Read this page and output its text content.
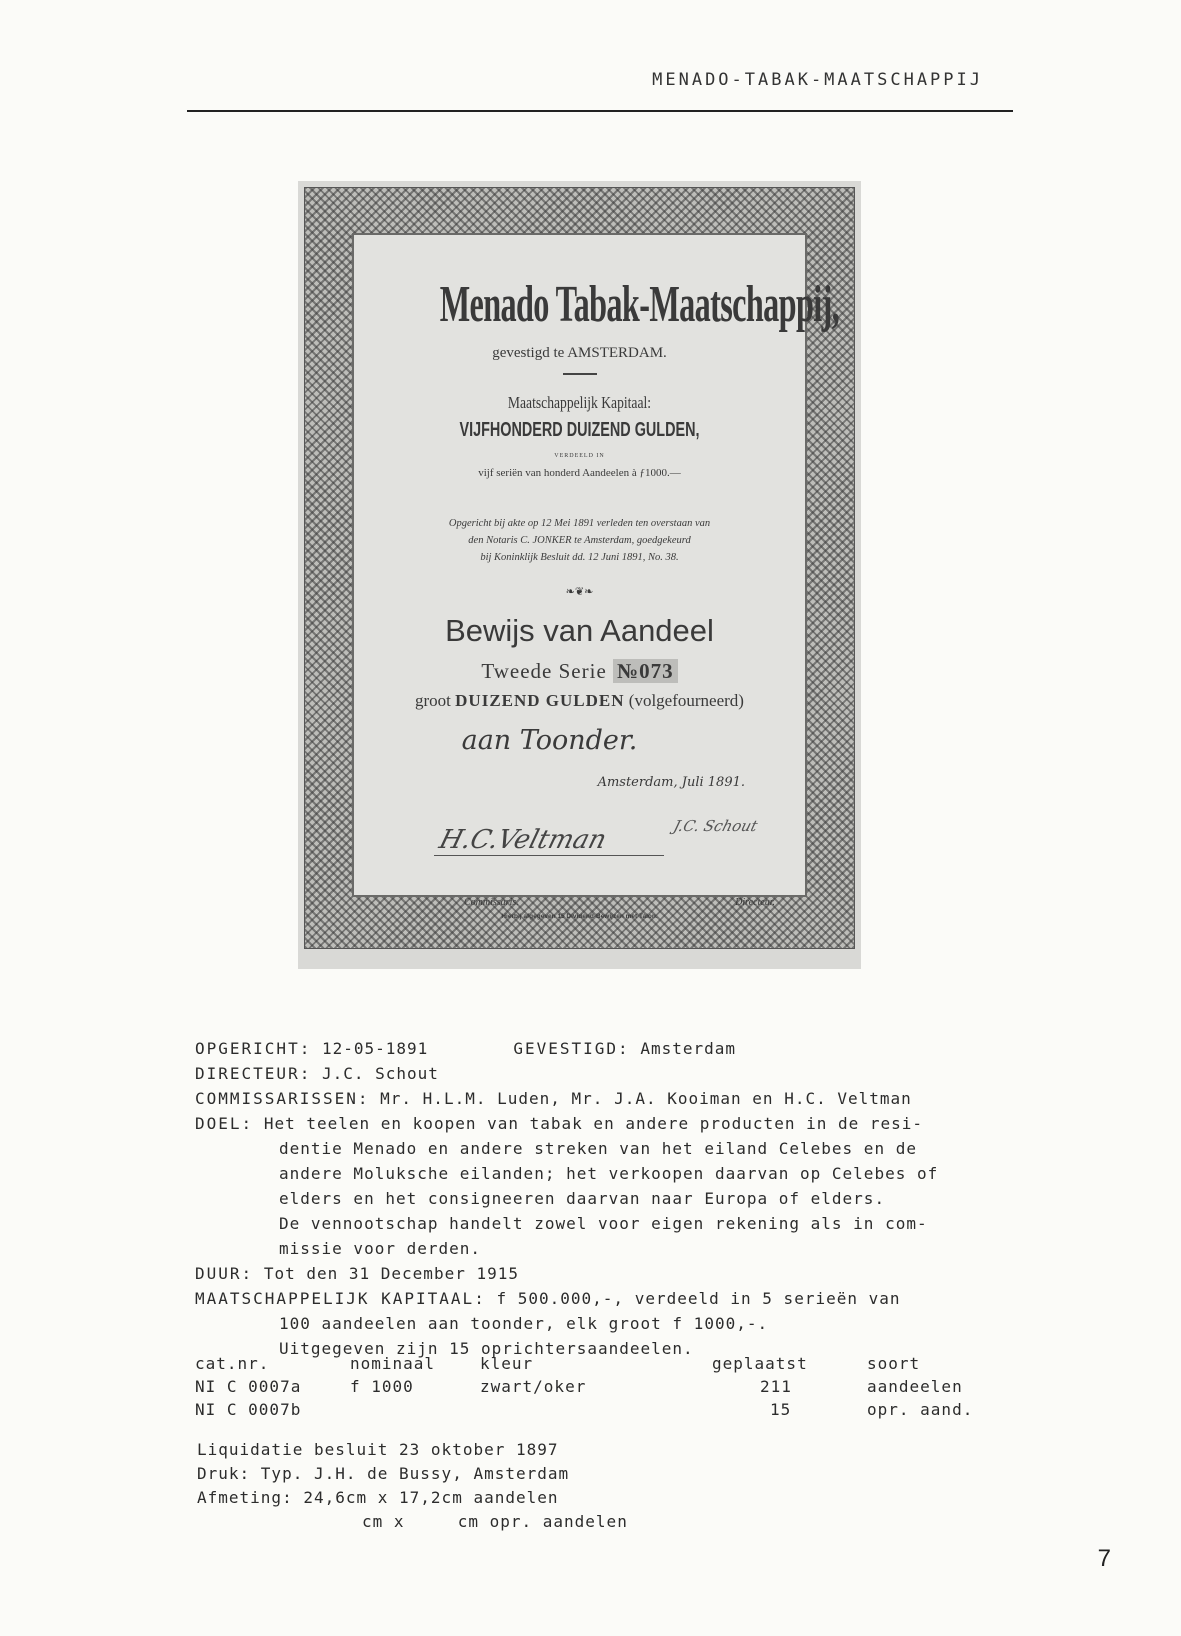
MENADO-TABAK-MAATSCHAPPIJ
Menado Tabak-Maatschappij,
gevestigd te AMSTERDAM.
Maatschappelijk Kapitaal:
VIJFHONDERD DUIZEND GULDEN,
VERDEELD IN
vijf seriën van honderd Aandeelen à ƒ1000.—
Opgericht bij akte op 12 Mei 1891 verleden ten overstaan van
den Notaris C. JONKER te Amsterdam, goedgekeurd
bij Koninklijk Besluit dd. 12 Juni 1891, No. 38.
❧❦❧
Bewijs van Aandeel
Tweede Serie №073
groot DUIZEND GULDEN (volgefourneerd)
aan Toonder.
Amsterdam, Juli 1891.
H.C.Veltman	J.C. Schout
Commissaris.	Directeur.
Hierbij afgegeven 15 Dividend-Bewijzen met Talon.
OPGERICHT: 12-05-1891	GEVESTIGD: Amsterdam
DIRECTEUR: J.C. Schout
COMMISSARISSEN: Mr. H.L.M. Luden, Mr. J.A. Kooiman en H.C. Veltman
DOEL: Het teelen en koopen van tabak en andere producten in de resi-
dentie Menado en andere streken van het eiland Celebes en de
andere Moluksche eilanden; het verkoopen daarvan op Celebes of
elders en het consigneeren daarvan naar Europa of elders.
De vennootschap handelt zowel voor eigen rekening als in com-
missie voor derden.
DUUR: Tot den 31 December 1915
MAATSCHAPPELIJK KAPITAAL: f 500.000,-, verdeeld in 5 serieën van
100 aandeelen aan toonder, elk groot f 1000,-.
Uitgegeven zijn 15 oprichtersaandeelen.
cat.nr.	nominaal	kleur	geplaatst	soort
NI C 0007a	f 1000	zwart/oker	211	aandeelen
NI C 0007b			15	opr. aand.
Liquidatie besluit 23 oktober 1897
Druk: Typ. J.H. de Bussy, Amsterdam
Afmeting: 24,6cm x 17,2cm aandelen
cm x     cm opr. aandelen
7
